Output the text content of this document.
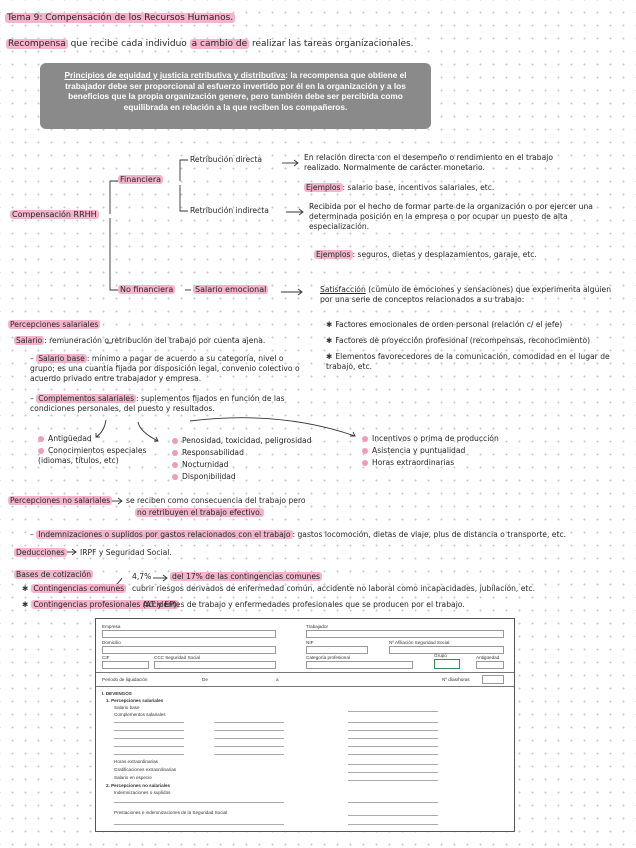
Tema 9: Compensación de los Recursos Humanos.
Recompensa que recibe cada individuo a cambio de realizar las tareas organizacionales.
Principios de equidad y justicia retributiva y distributiva: la recompensa que obtiene el trabajador debe ser proporcional al esfuerzo invertido por él en la organización y a los beneficios que la propia organización genere, pero también debe ser percibida como equilibrada en relación a la que reciben los compañeros.
Compensación RRHH
Financiera
Retribución directa	En relación directa con el desempeño o rendimiento en el trabajo realizado. Normalmente de carácter monetario.
Ejemplos : salario base, incentivos salariales, etc.
Retribución indirecta	Recibida por el hecho de formar parte de la organización o por ejercer una determinada posición en la empresa o por ocupar un puesto de alta especialización.
Ejemplos : seguros, dietas y desplazamientos, garaje, etc.
No financiera	Salario emocional	Satisfacción (cúmulo de emociones y sensaciones) que experimenta alguien por una serie de conceptos relacionados a su trabajo:
✱ Factores emocionales de orden personal (relación c/ el jefe)
✱ Factores de proyección profesional (recompensas, reconocimiento)
✱ Elementos favorecedores de la comunicación, comodidad en el lugar de trabajo, etc.
Percepciones salariales
Salario : remuneración o retribución del trabajo por cuenta ajena.
– Salario base : mínimo a pagar de acuerdo a su categoría, nivel o grupo; es una cuantía fijada por disposición legal, convenio colectivo o acuerdo privado entre trabajador y empresa.
– Complementos salariales : suplementos fijados en función de las condiciones personales, del puesto y resultados.
Antigüedad
Conocimientos especiales (idiomas, títulos, etc)
Penosidad, toxicidad, peligrosidad
Responsabilidad
Nocturnidad
Disponibilidad
Incentivos o prima de producción
Asistencia y puntualidad
Horas extraordinarias
Percepciones no salariales se reciben como consecuencia del trabajo pero
no retribuyen el trabajo efectivo.
– Indemnizaciones o suplidos por gastos relacionados con el trabajo : gastos locomoción, dietas de viaje, plus de distancia o transporte, etc.
Deducciones IRPF y Seguridad Social.
Bases de cotización	4,7%	del 17% de las contingencias comunes
✱ Contingencias comunes cubrir riesgos derivados de enfermedad común, accidente no laboral como incapacidades, jubilación, etc.
✱ Contingencias profesionales (AT y EP)
Accidentes de trabajo y enfermedades profesionales que se producen por el trabajo.
Empresa	Trabajador
Domicilio	NIF	Nº Afiliación Seguridad Social
CIF	CCC Seguridad Social	Categoría profesional	Grupo	Antigüedad
Período de liquidación	De	a	Nº días/horas
I. DEVENGOS
1. Percepciones salariales
Salario base
Complementos salariales
Horas extraordinarias
Gratificaciones extraordinarias
Salario en especie
2. Percepciones no salariales
Indemnizaciones o suplidos
Prestaciones e indemnizaciones de la Seguridad Social
